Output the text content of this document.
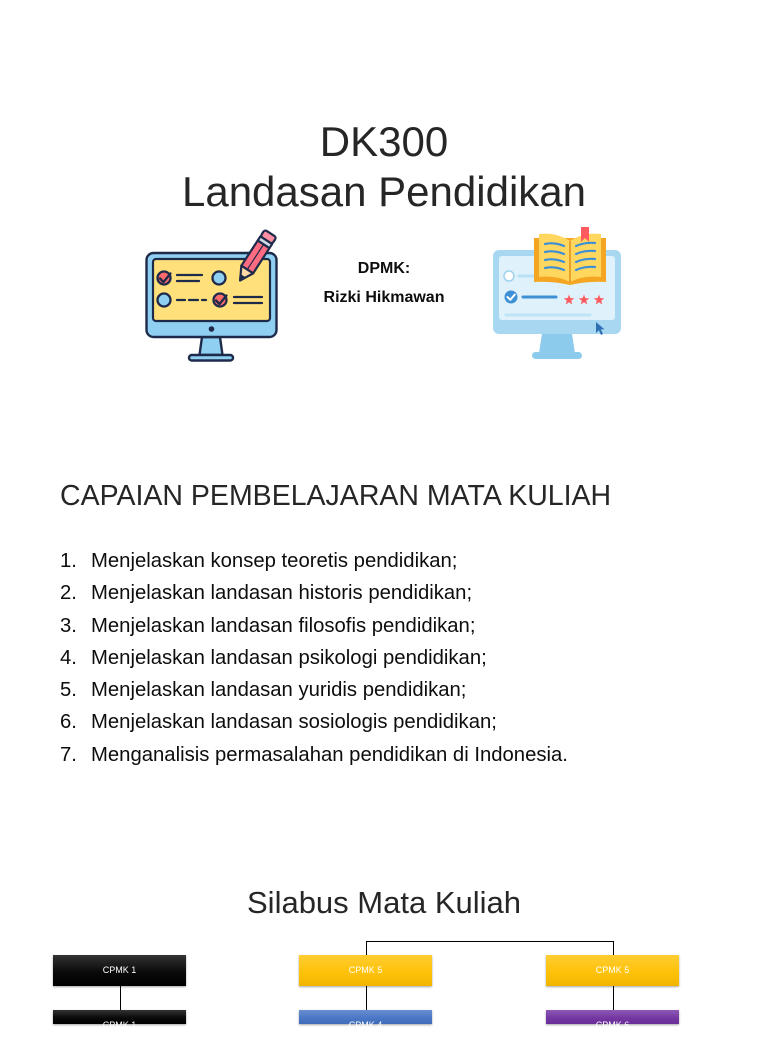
DK300
Landasan Pendidikan
DPMK:
Rizki Hikmawan
CAPAIAN PEMBELAJARAN MATA KULIAH
1. Menjelaskan konsep teoretis pendidikan;
2. Menjelaskan landasan historis pendidikan;
3. Menjelaskan landasan filosofis pendidikan;
4. Menjelaskan landasan psikologi pendidikan;
5. Menjelaskan landasan yuridis pendidikan;
6. Menjelaskan landasan sosiologis pendidikan;
7. Menganalisis permasalahan pendidikan di Indonesia.
Silabus Mata Kuliah
CPMK 1	CPMK 5	CPMK 5
CPMK 1	CPMK 4	CPMK 6
